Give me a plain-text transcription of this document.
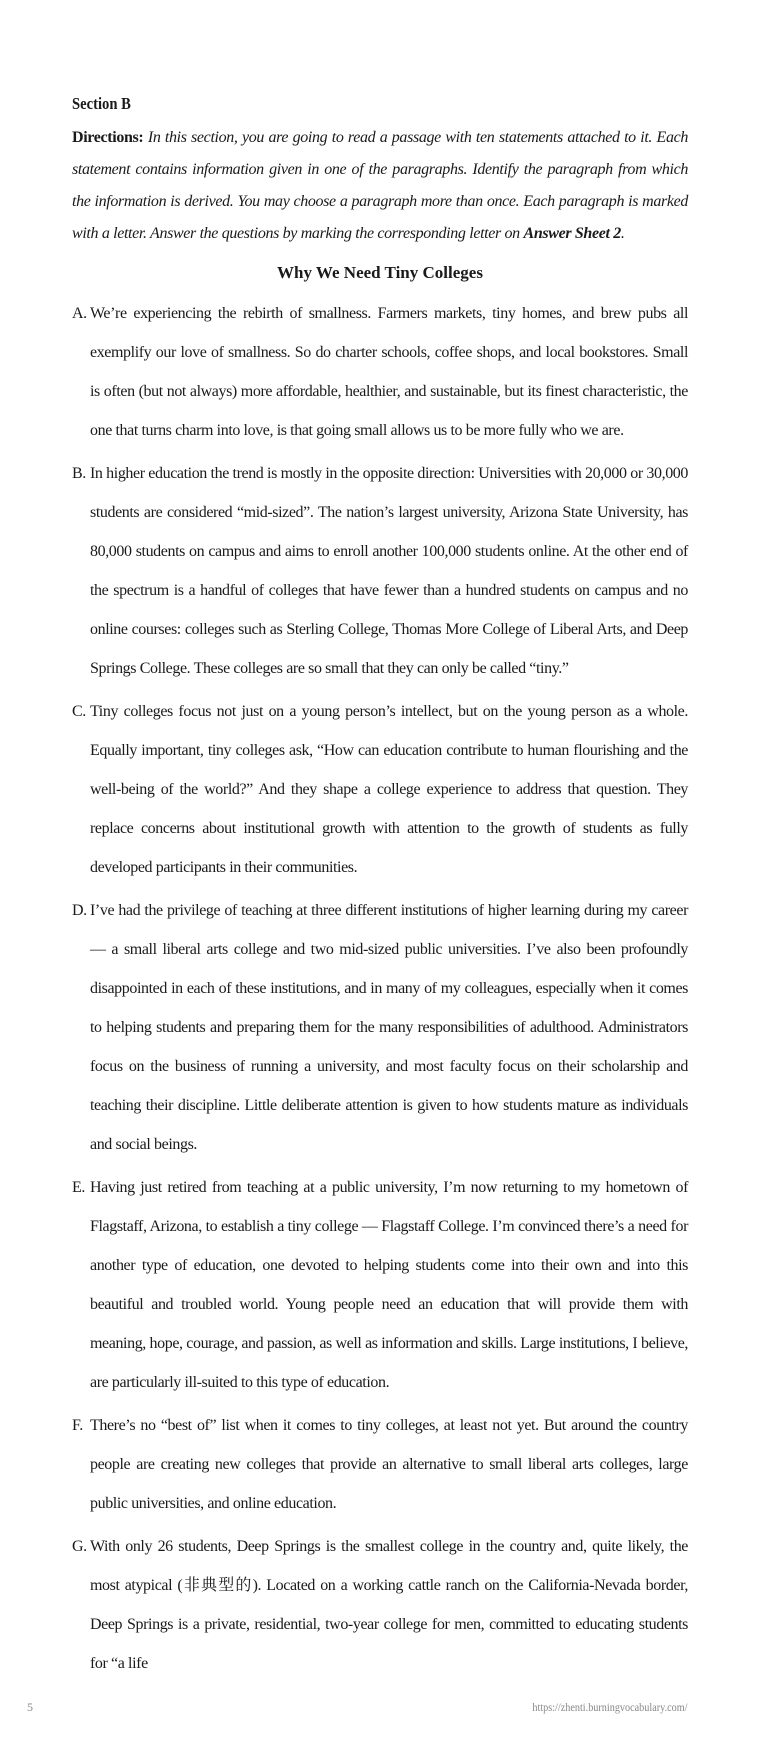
Section B

Directions: In this section, you are going to read a passage with ten statements attached to it. Each statement contains information given in one of the paragraphs. Identify the paragraph from which the information is derived. You may choose a paragraph more than once. Each paragraph is marked with a letter. Answer the questions by marking the corresponding letter on Answer Sheet 2.

Why We Need Tiny Colleges
A. We’re experiencing the rebirth of smallness. Farmers markets, tiny homes, and brew pubs all exemplify our love of smallness. So do charter schools, coffee shops, and local bookstores. Small is often (but not always) more affordable, healthier, and sustainable, but its finest characteristic, the one that turns charm into love, is that going small allows us to be more fully who we are.
B. In higher education the trend is mostly in the opposite direction: Universities with 20,000 or 30,000 students are considered “mid-sized”. The nation’s largest university, Arizona State University, has 80,000 students on campus and aims to enroll another 100,000 students online. At the other end of the spectrum is a handful of colleges that have fewer than a hundred students on campus and no online courses: colleges such as Sterling College, Thomas More College of Liberal Arts, and Deep Springs College. These colleges are so small that they can only be called “tiny.”
C. Tiny colleges focus not just on a young person’s intellect, but on the young person as a whole. Equally important, tiny colleges ask, “How can education contribute to human flourishing and the well-being of the world?” And they shape a college experience to address that question. They replace concerns about institutional growth with attention to the growth of students as fully developed participants in their communities.
D. I’ve had the privilege of teaching at three different institutions of higher learning during my career — a small liberal arts college and two mid-sized public universities. I’ve also been profoundly disappointed in each of these institutions, and in many of my colleagues, especially when it comes to helping students and preparing them for the many responsibilities of adulthood. Administrators focus on the business of running a university, and most faculty focus on their scholarship and teaching their discipline. Little deliberate attention is given to how students mature as individuals and social beings.
E. Having just retired from teaching at a public university, I’m now returning to my hometown of Flagstaff, Arizona, to establish a tiny college — Flagstaff College. I’m convinced there’s a need for another type of education, one devoted to helping students come into their own and into this beautiful and troubled world. Young people need an education that will provide them with meaning, hope, courage, and passion, as well as information and skills. Large institutions, I believe, are particularly ill-suited to this type of education.
F. There’s no “best of” list when it comes to tiny colleges, at least not yet. But around the country people are creating new colleges that provide an alternative to small liberal arts colleges, large public universities, and online education.
G. With only 26 students, Deep Springs is the smallest college in the country and, quite likely, the most atypical (非典型的). Located on a working cattle ranch on the California-Nevada border, Deep Springs is a private, residential, two-year college for men, committed to educating students for “a life
5	https://zhenti.burningvocabulary.com/
